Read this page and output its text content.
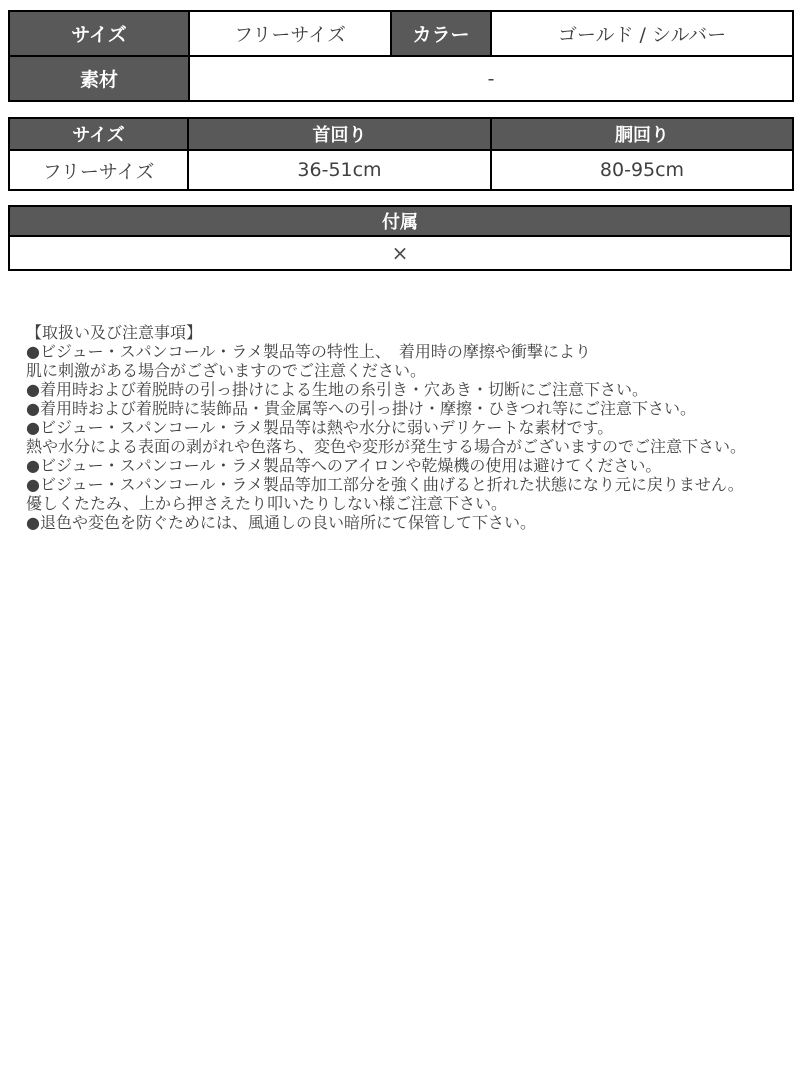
サイズ	フリーサイズ	カラー	ゴールド / シルバー
素材	-		
サイズ	首回り	胴回り
フリーサイズ	36-51cm	80-95cm
付属
×
【取扱い及び注意事項】
●ビジュー・スパンコール・ラメ製品等の特性上、　着用時の摩擦や衝撃により
肌に刺激がある場合がございますのでご注意ください。
●着用時および着脱時の引っ掛けによる生地の糸引き・穴あき・切断にご注意下さい。
●着用時および着脱時に装飾品・貴金属等への引っ掛け・摩擦・ひきつれ等にご注意下さい。
●ビジュー・スパンコール・ラメ製品等は熱や水分に弱いデリケートな素材です。
熱や水分による表面の剥がれや色落ち、変色や変形が発生する場合がございますのでご注意下さい。
●ビジュー・スパンコール・ラメ製品等へのアイロンや乾燥機の使用は避けてください。
●ビジュー・スパンコール・ラメ製品等加工部分を強く曲げると折れた状態になり元に戻りません。
優しくたたみ、上から押さえたり叩いたりしない様ご注意下さい。
●退色や変色を防ぐためには、風通しの良い暗所にて保管して下さい。
